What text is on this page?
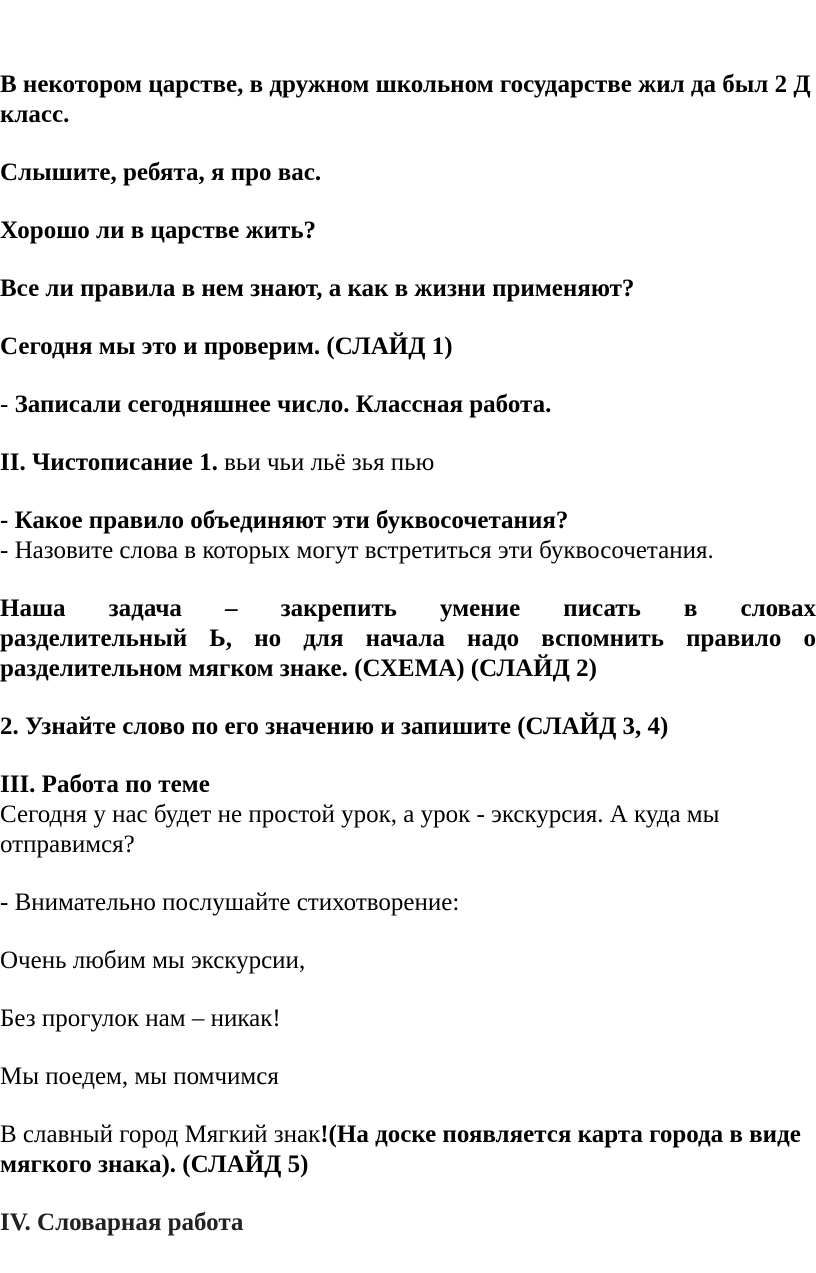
В некотором царстве, в дружном школьном государстве жил да был 2 Д класс.

Слышите, ребята, я про вас.

Хорошо ли в царстве жить?

Все ли правила в нем знают, а как в жизни применяют?

Сегодня мы это и проверим. (СЛАЙД 1)

- Записали сегодняшнее число. Классная работа.

II. Чистописание 1. вьи чьи льё зья пью

- Какое правило объединяют эти буквосочетания?

- Назовите слова в которых могут встретиться эти буквосочетания.

Наша задача – закрепить умение писать в словах
разделительный Ь, но для начала надо вспомнить правило о
разделительном мягком знаке. (СХЕМА) (СЛАЙД 2)

2. Узнайте слово по его значению и запишите (СЛАЙД 3, 4)

III. Работа по теме
Сегодня у нас будет не простой урок, а урок - экскурсия. А куда мы отправимся?

- Внимательно послушайте стихотворение:

Очень любим мы экскурсии,

Без прогулок нам – никак!

Мы поедем, мы помчимся

В славный город Мягкий знак!(На доске появляется карта города в виде мягкого знака). (СЛАЙД 5)

IV. Словарная работа
